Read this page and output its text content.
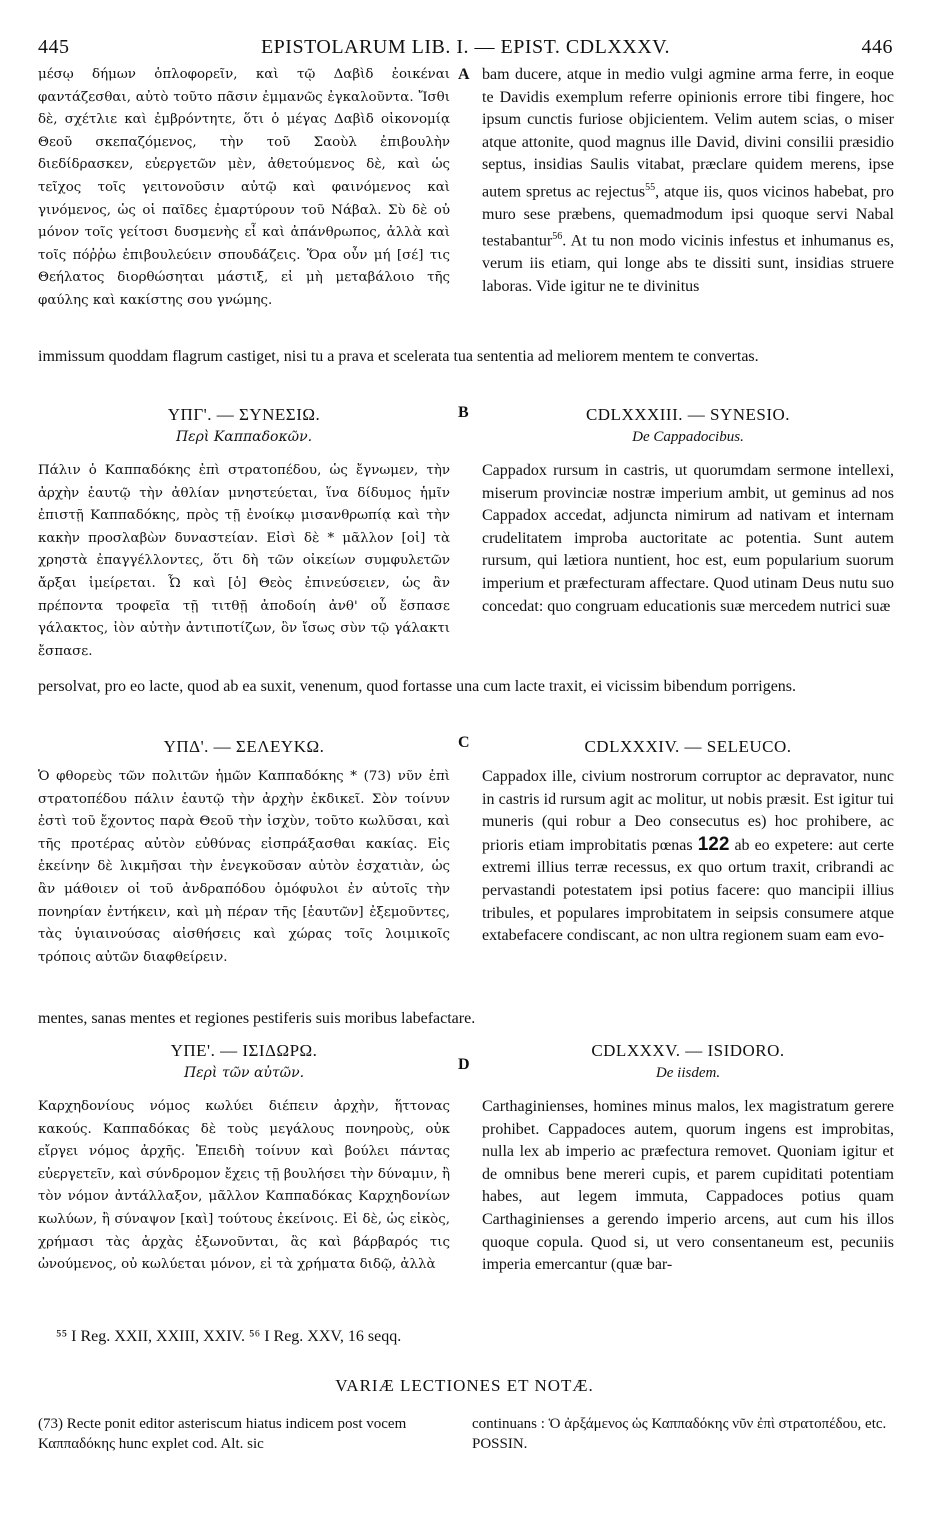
445	EPISTOLARUM LIB. I. — EPIST. CDLXXXV.	446
μέσῳ δήμων ὁπλοφορεῖν, καὶ τῷ Δαβὶδ ἐοικέναι φαντάζεσθαι, αὐτὸ τοῦτο πᾶσιν ἐμμανῶς ἐγκαλοῦντα. Ἴσθι δὲ, σχέτλιε καὶ ἐμβρόντητε, ὅτι ὁ μέγας Δαβὶδ οἰκονομίᾳ Θεοῦ σκεπαζόμενος, τὴν τοῦ Σαοὺλ ἐπιβουλὴν διεδίδρασκεν, εὐεργετῶν μὲν, ἀθετούμενος δὲ, καὶ ὡς τεῖχος τοῖς γειτονοῦσιν αὐτῷ καὶ φαινόμενος καὶ γινόμενος, ὡς οἱ παῖδες ἐμαρτύρουν τοῦ Νάβαλ. Σὺ δὲ οὐ μόνον τοῖς γείτοσι δυσμενὴς εἶ καὶ ἀπάνθρωπος, ἀλλὰ καὶ τοῖς πόῤῥω ἐπιβουλεύειν σπουδάζεις. Ὅρα οὖν μή [σέ] τις Θεήλατος διορθώσηται μάστιξ, εἰ μὴ μεταβάλοιο τῆς φαύλης καὶ κακίστης σου γνώμης.
A bam ducere, atque in medio vulgi agmine arma ferre, in eoque te Davidis exemplum referre opinionis errore tibi fingere, hoc ipsum cunctis furiose objicientem. Velim autem scias, o miser atque attonite, quod magnus ille David, divini consilii præsidio septus, insidias Saulis vitabat, præclare quidem merens, ipse autem spretus ac rejectus$^{55}$, atque iis, quos vicinos habebat, pro muro sese præbens, quemadmodum ipsi quoque servi Nabal testabantur$^{56}$. At tu non modo vicinis infestus et inhumanus es, verum iis etiam, qui longe abs te dissiti sunt, insidias struere laboras. Vide igitur ne te divinitus
immissum quoddam flagrum castiget, nisi tu a prava et scelerata tua sententia ad meliorem mentem te convertas.
ΥΠΓ'. — ΣΥΝΕΣΙΩ.
Περὶ Καππαδοκῶν.
B	CDLXXXIII. — SYNESIO.
De Cappadocibus.
Πάλιν ὁ Καππαδόκης ἐπὶ στρατοπέδου, ὡς ἔγνωμεν, τὴν ἀρχὴν ἑαυτῷ τὴν ἀθλίαν μνηστεύεται, ἵνα δίδυμος ἡμῖν ἐπιστῇ Καππαδόκης, πρὸς τῇ ἐνοίκῳ μισανθρωπίᾳ καὶ τὴν κακὴν προσλαβὼν δυναστείαν. Εἰσὶ δὲ * μᾶλλον [οἱ] τὰ χρηστὰ ἐπαγγέλλοντες, ὅτι δὴ τῶν οἰκείων συμφυλετῶν ἄρξαι ἱμείρεται. Ὦ καὶ [ὁ] Θεὸς ἐπινεύσειεν, ὡς ἂν πρέποντα τροφεῖα τῇ τιτθῇ ἀποδοίη ἀνθ' οὗ ἔσπασε γάλακτος, ἰὸν αὐτὴν ἀντιποτίζων, ὃν ἴσως σὺν τῷ γάλακτι ἔσπασε.
Cappadox rursum in castris, ut quorumdam sermone intellexi, miserum provinciæ nostræ imperium ambit, ut geminus ad nos Cappadox accedat, adjuncta nimirum ad nativam et internam crudelitatem improba auctoritate ac potentia. Sunt autem rursum, qui lætiora nuntient, hoc est, eum popularium suorum imperium et præfecturam affectare. Quod utinam Deus nutu suo concedat: quo congruam educationis suæ mercedem nutrici suæ
persolvat, pro eo lacte, quod ab ea suxit, venenum, quod fortasse una cum lacte traxit, ei vicissim bibendum porrigens.
ΥΠΔ'. — ΣΕΛΕΥΚΩ.	C	CDLXXXIV. — SELEUCO.
Ὁ φθορεὺς τῶν πολιτῶν ἡμῶν Καππαδόκης * (73) νῦν ἐπὶ στρατοπέδου πάλιν ἑαυτῷ τὴν ἀρχὴν ἐκδικεῖ. Σὸν τοίνυν ἐστὶ τοῦ ἔχοντος παρὰ Θεοῦ τὴν ἰσχὺν, τοῦτο κωλῦσαι, καὶ τῆς προτέρας αὐτὸν εὐθύνας εἰσπράξασθαι κακίας. Εἰς ἐκείνην δὲ λικμῆσαι τὴν ἐνεγκοῦσαν αὐτὸν ἐσχατιὰν, ὡς ἂν μάθοιεν οἱ τοῦ ἀνδραπόδου ὁμόφυλοι ἐν αὑτοῖς τὴν πονηρίαν ἐντήκειν, καὶ μὴ πέραν τῆς [ἑαυτῶν] ἐξεμοῦντες, τὰς ὑγιαινούσας αἰσθήσεις καὶ χώρας τοῖς λοιμικοῖς τρόποις αὐτῶν διαφθείρειν.
Cappadox ille, civium nostrorum corruptor ac depravator, nunc in castris id rursum agit ac molitur, ut nobis præsit. Est igitur tui muneris (qui robur a Deo consecutus es) hoc prohibere, ac prioris etiam improbitatis pœnas 122 ab eo expetere: aut certe extremi illius terræ recessus, ex quo ortum traxit, cribrandi ac pervastandi potestatem ipsi potius facere: quo mancipii illius tribules, et populares improbitatem in seipsis consumere atque extabefacere condiscant, ac non ultra regionem suam eam evo-
mentes, sanas mentes et regiones pestiferis suis moribus labefactare.
ΥΠΕ'. — ΙΣΙΔΩΡΩ.
Περὶ τῶν αὐτῶν.	D
CDLXXXV. — ISIDORO.
De iisdem.
Καρχηδονίους νόμος κωλύει διέπειν ἀρχὴν, ἥττονας κακούς. Καππαδόκας δὲ τοὺς μεγάλους πονηροὺς, οὐκ εἴργει νόμος ἀρχῆς. Ἐπειδὴ τοίνυν καὶ βούλει πάντας εὐεργετεῖν, καὶ σύνδρομον ἔχεις τῇ βουλήσει τὴν δύναμιν, ἢ τὸν νόμον ἀντάλλαξον, μᾶλλον Καππαδόκας Καρχηδονίων κωλύων, ἢ σύναψον [καὶ] τούτους ἐκείνοις. Εἰ δὲ, ὡς εἰκὸς, χρήμασι τὰς ἀρχὰς ἐξωνοῦνται, ἃς καὶ βάρβαρός τις ὠνούμενος, οὐ κωλύεται μόνον, εἰ τὰ χρήματα διδῷ, ἀλλὰ
Carthaginienses, homines minus malos, lex magistratum gerere prohibet. Cappadoces autem, quorum ingens est improbitas, nulla lex ab imperio ac præfectura removet. Quoniam igitur et de omnibus bene mereri cupis, et parem cupiditati potentiam habes, aut legem immuta, Cappadoces potius quam Carthaginienses a gerendo imperio arcens, aut cum his illos quoque copula. Quod si, ut vero consentaneum est, pecuniis imperia emercantur (quæ bar-
⁵⁵ I Reg. XXII, XXIII, XXIV. ⁵⁶ I Reg. XXV, 16 seqq.
VARIÆ LECTIONES ET NOTÆ.
(73) Recte ponit editor asteriscum hiatus indicem post vocem Καππαδόκης hunc explet cod. Alt. sic
continuans : Ὁ ἀρξάμενος ὡς Καππαδόκης νῦν ἐπὶ στρατοπέδου, etc. POSSIN.
